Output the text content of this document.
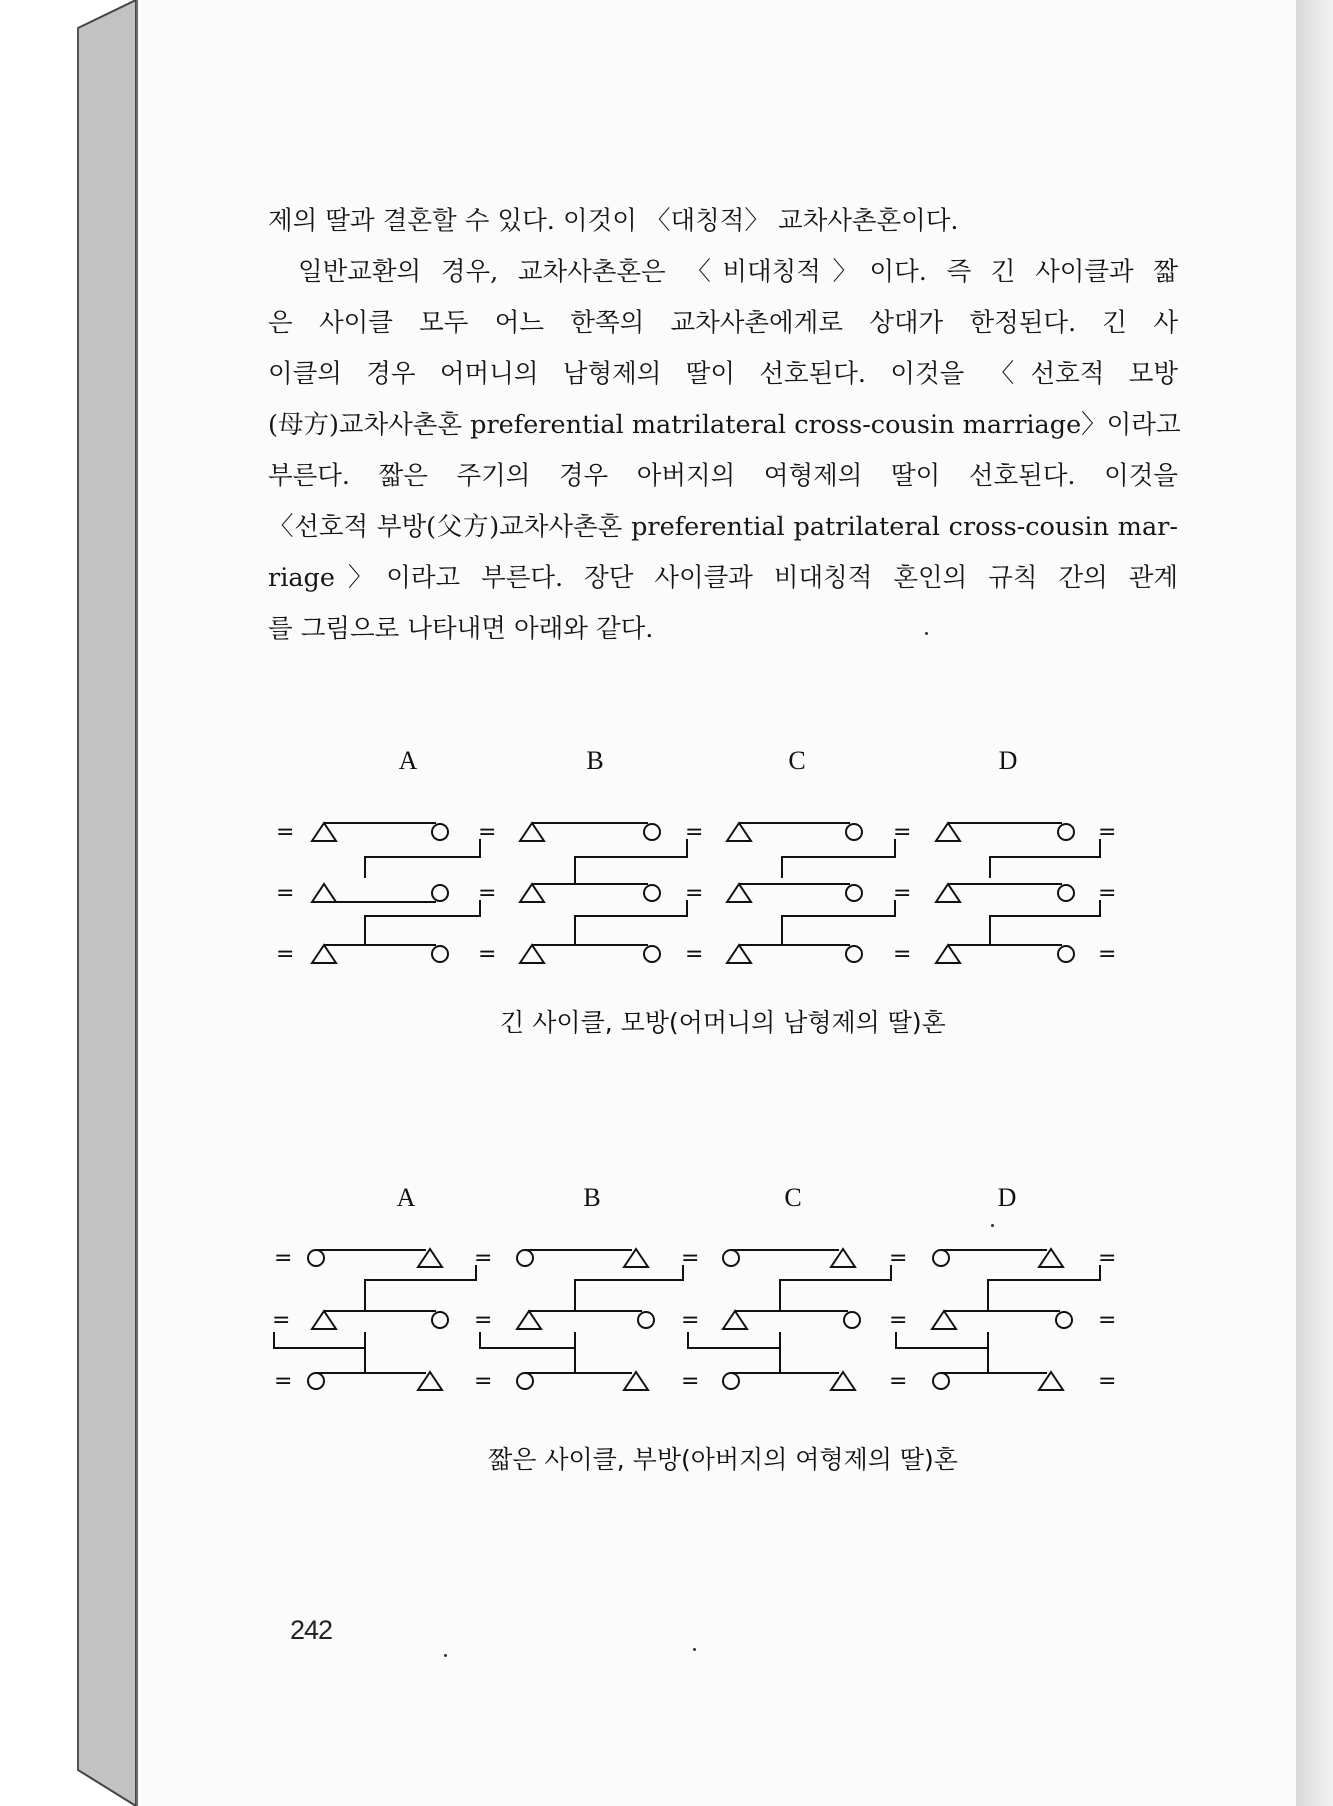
제의 딸과 결혼할 수 있다. 이것이 〈대칭적〉 교차사촌혼이다.
일반교환의 경우, 교차사촌혼은 〈비대칭적〉이다. 즉 긴 사이클과 짧
은 사이클 모두 어느 한쪽의 교차사촌에게로 상대가 한정된다. 긴 사
이클의 경우 어머니의 남형제의 딸이 선호된다. 이것을 〈선호적 모방
(母方)교차사촌혼 preferential matrilateral cross-cousin marriage〉이라고
부른다. 짧은 주기의 경우 아버지의 여형제의 딸이 선호된다. 이것을
〈선호적 부방(父方)교차사촌혼 preferential patrilateral cross-cousin mar-
riage〉이라고 부른다. 장단 사이클과 비대칭적 혼인의 규칙 간의 관계
를 그림으로 나타내면 아래와 같다.
A	B	C	D
=	=	=	=	=
=	=	=	=	=
=	=	=	=	=
긴 사이클, 모방(어머니의 남형제의 딸)혼
A	B	C	D
=	=	=	=	=
=	=	=	=	=
=	=	=	=	=
짧은 사이클, 부방(아버지의 여형제의 딸)혼
242
